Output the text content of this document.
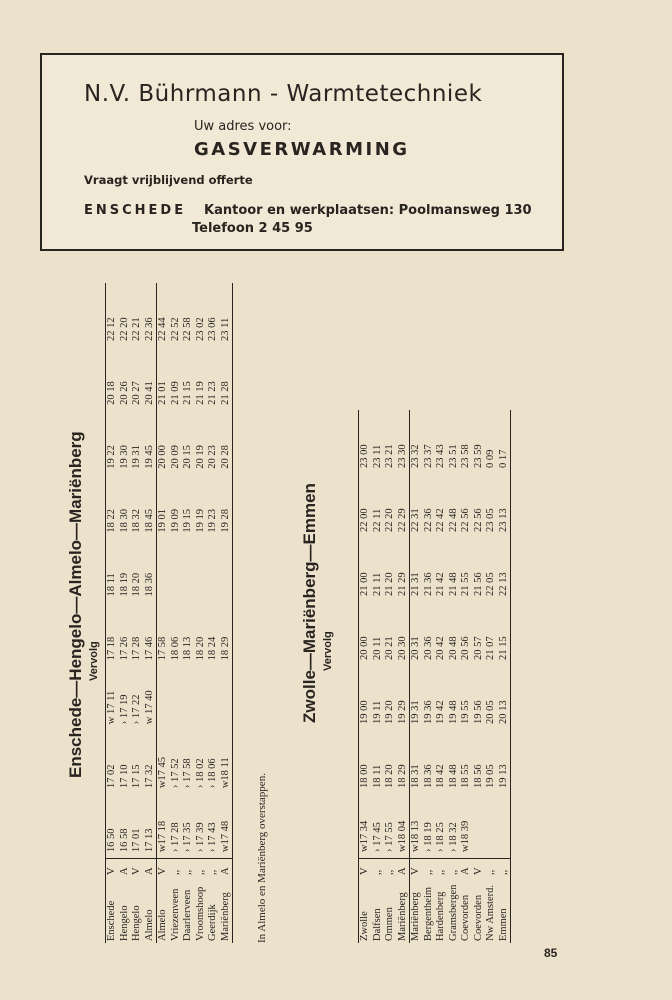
N.V. Bührmann - Warmtetechniek
Uw adres voor:
GASVERWARMING
Vraagt vrijblijvend offerte
ENSCHEDE Kantoor en werkplaatsen: Poolmansweg 130
Telefoon 2 45 95
Enschede—Hengelo—Almelo—Mariënberg Vervolg
Enschede	V	16 50	17 02	w 17 11	17 18	18 11	18 22	19 22	20 18	22 12
Hengelo	A	16 58	17 10	› 17 19	17 26	18 19	18 30	19 30	20 26	22 20
Hengelo	V	17 01	17 15	› 17 22	17 28	18 20	18 32	19 31	20 27	22 21
Almelo	A	17 13	17 32	w 17 40	17 46	18 36	18 45	19 45	20 41	22 36
Almelo	V	w17 18	w17 45		17 58		19 01	20 00	21 01	22 44
Vriezenveen	,,	› 17 28	› 17 52		18 06		19 09	20 09	21 09	22 52
Daarlerveen	,,	› 17 35	› 17 58		18 13		19 15	20 15	21 15	22 58
Vroomshoop	,,	› 17 39	› 18 02		18 20		19 19	20 19	21 19	23 02
Geerdijk	,,	› 17 43	› 18 06		18 24		19 23	20 23	21 23	23 06
Mariënberg	A	w17 48	w18 11		18 29		19 28	20 28	21 28	23 11
In Almelo en Mariënberg overstappen.
Zwolle—Mariënberg—Emmen Vervolg
Zwolle	V	w17 34	18 00	19 00	20 00	21 00	22 00	23 00
Dalfsen	,,	› 17 45	18 11	19 11	20 11	21 11	22 11	23 11
Ommen	,,	› 17 55	18 20	19 20	20 21	21 20	22 20	23 21
Mariënberg	A	w18 04	18 29	19 29	20 30	21 29	22 29	23 30
Mariënberg	V	w18 13	18 31	19 31	20 31	21 31	22 31	23 32
Bergentheim	,,	› 18 19	18 36	19 36	20 36	21 36	22 36	23 37
Hardenberg	,,	› 18 25	18 42	19 42	20 42	21 42	22 42	23 43
Gramsbergen	,,	› 18 32	18 48	19 48	20 48	21 48	22 48	23 51
Coevorden	A	w18 39	18 55	19 55	20 56	21 55	22 56	23 58
Coevorden	V		18 56	19 56	20 57	21 56	22 56	23 59
Nw Amsterd.	,,		19 05	20 05	21 07	22 05	23 05	0 09
Emmen	,,		19 13	20 13	21 15	22 13	23 13	0 17
85
